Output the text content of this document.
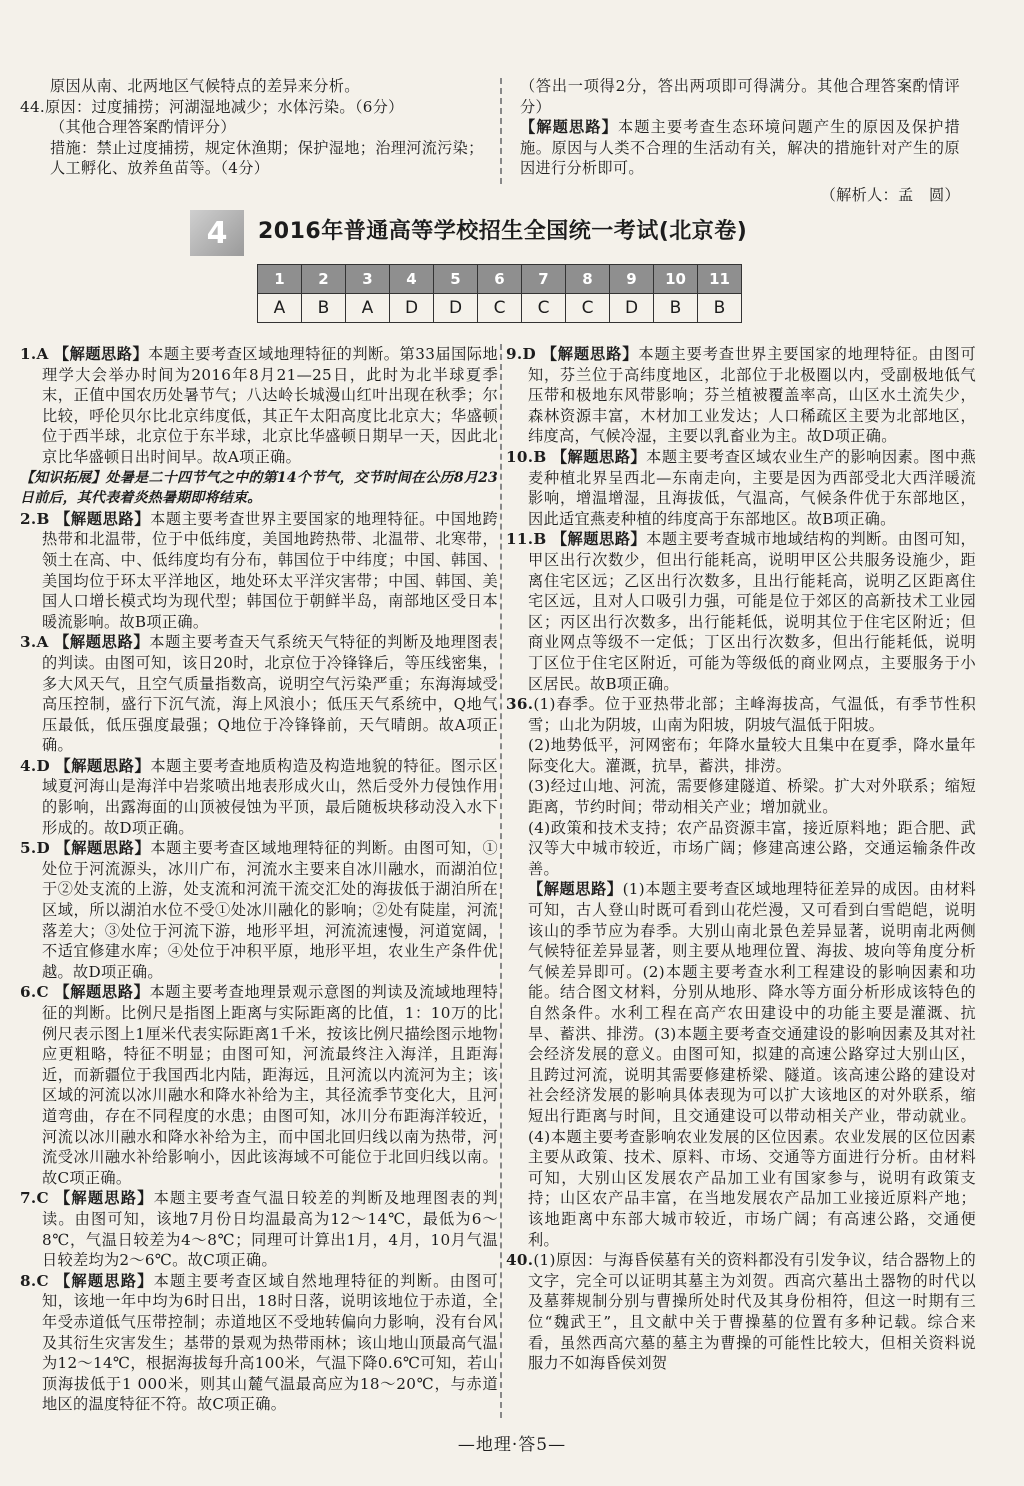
原因从南、北两地区气候特点的差异来分析。

44.原因：过度捕捞；河湖湿地减少；水体污染。（6分）

（其他合理答案酌情评分）

措施：禁止过度捕捞，规定休渔期；保护湿地；治理河流污染；

人工孵化、放养鱼苗等。（4分）

（答出一项得2分，答出两项即可得满分。其他合理答案酌情评分）

【解题思路】本题主要考查生态环境问题产生的原因及保护措施。原因与人类不合理的生活动有关，解决的措施针对产生的原因进行分析即可。

（解析人：孟　圆）

4	2016年普通高等学校招生全国统一考试(北京卷)
1	2	3	4	5	6	7	8	9	10	11
A	B	A	D	D	C	C	C	D	B	B

1.A 【解题思路】本题主要考查区域地理特征的判断。第33届国际地理学大会举办时间为2016年8月21—25日，此时为北半球夏季末，正值中国农历处暑节气；八达岭长城漫山红叶出现在秋季；尔比较，呼伦贝尔比北京纬度低，其正午太阳高度比北京大；华盛顿位于西半球，北京位于东半球，北京比华盛顿日期早一天，因此北京比华盛顿日出时间早。故A项正确。

【知识拓展】处暑是二十四节气之中的第14个节气，交节时间在公历8月23日前后，其代表着炎热暑期即将结束。

2.B 【解题思路】本题主要考查世界主要国家的地理特征。中国地跨热带和北温带，位于中低纬度，美国地跨热带、北温带、北寒带，领土在高、中、低纬度均有分布，韩国位于中纬度；中国、韩国、美国均位于环太平洋地区，地处环太平洋灾害带；中国、韩国、美国人口增长模式均为现代型；韩国位于朝鲜半岛，南部地区受日本暖流影响。故B项正确。

3.A 【解题思路】本题主要考查天气系统天气特征的判断及地理图表的判读。由图可知，该日20时，北京位于冷锋锋后，等压线密集，多大风天气，且空气质量指数高，说明空气污染严重；东海海域受高压控制，盛行下沉气流，海上风浪小；低压天气系统中，Q地气压最低，低压强度最强；Q地位于冷锋锋前，天气晴朗。故A项正确。

4.D 【解题思路】本题主要考查地质构造及构造地貌的特征。图示区域夏河海山是海洋中岩浆喷出地表形成火山，然后受外力侵蚀作用的影响，出露海面的山顶被侵蚀为平顶，最后随板块移动没入水下形成的。故D项正确。

5.D 【解题思路】本题主要考查区域地理特征的判断。由图可知，①处位于河流源头，冰川广布，河流水主要来自冰川融水，而湖泊位于②处支流的上游，处支流和河流干流交汇处的海拔低于湖泊所在区域，所以湖泊水位不受①处冰川融化的影响；②处有陡崖，河流落差大；③处位于河流下游，地形平坦，河流流速慢，河道宽阔，不适宜修建水库；④处位于冲积平原，地形平坦，农业生产条件优越。故D项正确。

6.C 【解题思路】本题主要考查地理景观示意图的判读及流域地理特征的判断。比例尺是指图上距离与实际距离的比值，1：10万的比例尺表示图上1厘米代表实际距离1千米，按该比例尺描绘图示地物应更粗略，特征不明显；由图可知，河流最终注入海洋，且距海近，而新疆位于我国西北内陆，距海远，且河流以内流河为主；该区域的河流以冰川融水和降水补给为主，其径流季节变化大，且河道弯曲，存在不同程度的水患；由图可知，冰川分布距海洋较近，河流以冰川融水和降水补给为主，而中国北回归线以南为热带，河流受冰川融水补给影响小，因此该海域不可能位于北回归线以南。故C项正确。

7.C 【解题思路】本题主要考查气温日较差的判断及地理图表的判读。由图可知，该地7月份日均温最高为12～14℃，最低为6～8℃，气温日较差为4～8℃；同理可计算出1月，4月，10月气温日较差均为2～6℃。故C项正确。

8.C 【解题思路】本题主要考查区域自然地理特征的判断。由图可知，该地一年中均为6时日出，18时日落，说明该地位于赤道，全年受赤道低气压带控制；赤道地区不受地转偏向力影响，没有台风及其衍生灾害发生；基带的景观为热带雨林；该山地山顶最高气温为12～14℃，根据海拔每升高100米，气温下降0.6℃可知，若山顶海拔低于1 000米，则其山麓气温最高应为18～20℃，与赤道地区的温度特征不符。故C项正确。

9.D 【解题思路】本题主要考查世界主要国家的地理特征。由图可知，芬兰位于高纬度地区，北部位于北极圈以内，受副极地低气压带和极地东风带影响；芬兰植被覆盖率高，山区水土流失少，森林资源丰富，木材加工业发达；人口稀疏区主要为北部地区，纬度高，气候冷湿，主要以乳畜业为主。故D项正确。

10.B 【解题思路】本题主要考查区域农业生产的影响因素。图中燕麦种植北界呈西北—东南走向，主要是因为西部受北大西洋暖流影响，增温增湿，且海拔低，气温高，气候条件优于东部地区，因此适宜燕麦种植的纬度高于东部地区。故B项正确。

11.B 【解题思路】本题主要考查城市地域结构的判断。由图可知，甲区出行次数少，但出行能耗高，说明甲区公共服务设施少，距离住宅区远；乙区出行次数多，且出行能耗高，说明乙区距离住宅区远，且对人口吸引力强，可能是位于郊区的高新技术工业园区；丙区出行次数多，出行能耗低，说明其位于住宅区附近；但商业网点等级不一定低；丁区出行次数多，但出行能耗低，说明丁区位于住宅区附近，可能为等级低的商业网点，主要服务于小区居民。故B项正确。

36.(1)春季。位于亚热带北部；主峰海拔高，气温低，有季节性积雪；山北为阴坡，山南为阳坡，阴坡气温低于阳坡。

(2)地势低平，河网密布；年降水量较大且集中在夏季，降水量年际变化大。灌溉，抗旱，蓄洪，排涝。

(3)经过山地、河流，需要修建隧道、桥梁。扩大对外联系；缩短距离，节约时间；带动相关产业；增加就业。

(4)政策和技术支持；农产品资源丰富，接近原料地；距合肥、武汉等大中城市较近，市场广阔；修建高速公路，交通运输条件改善。

【解题思路】(1)本题主要考查区域地理特征差异的成因。由材料可知，古人登山时既可看到山花烂漫，又可看到白雪皑皑，说明该山的季节应为春季。大别山南北景色差异显著，说明南北两侧气候特征差异显著，则主要从地理位置、海拔、坡向等角度分析气候差异即可。(2)本题主要考查水利工程建设的影响因素和功能。结合图文材料，分别从地形、降水等方面分析形成该特色的自然条件。水利工程在高产农田建设中的功能主要是灌溉、抗旱、蓄洪、排涝。(3)本题主要考查交通建设的影响因素及其对社会经济发展的意义。由图可知，拟建的高速公路穿过大别山区，且跨过河流，说明其需要修建桥梁、隧道。该高速公路的建设对社会经济发展的影响具体表现为可以扩大该地区的对外联系，缩短出行距离与时间，且交通建设可以带动相关产业，带动就业。(4)本题主要考查影响农业发展的区位因素。农业发展的区位因素主要从政策、技术、原料、市场、交通等方面进行分析。由材料可知，大别山区发展农产品加工业有国家参与，说明有政策支持；山区农产品丰富，在当地发展农产品加工业接近原料产地；该地距离中东部大城市较近，市场广阔；有高速公路，交通便利。

40.(1)原因：与海昏侯墓有关的资料都没有引发争议，结合器物上的文字，完全可以证明其墓主为刘贺。西高穴墓出土器物的时代以及墓葬规制分别与曹操所处时代及其身份相符，但这一时期有三位“魏武王”，且文献中关于曹操墓的位置有多种记载。综合来看，虽然西高穴墓的墓主为曹操的可能性比较大，但相关资料说服力不如海昏侯刘贺

—地理·答5—
